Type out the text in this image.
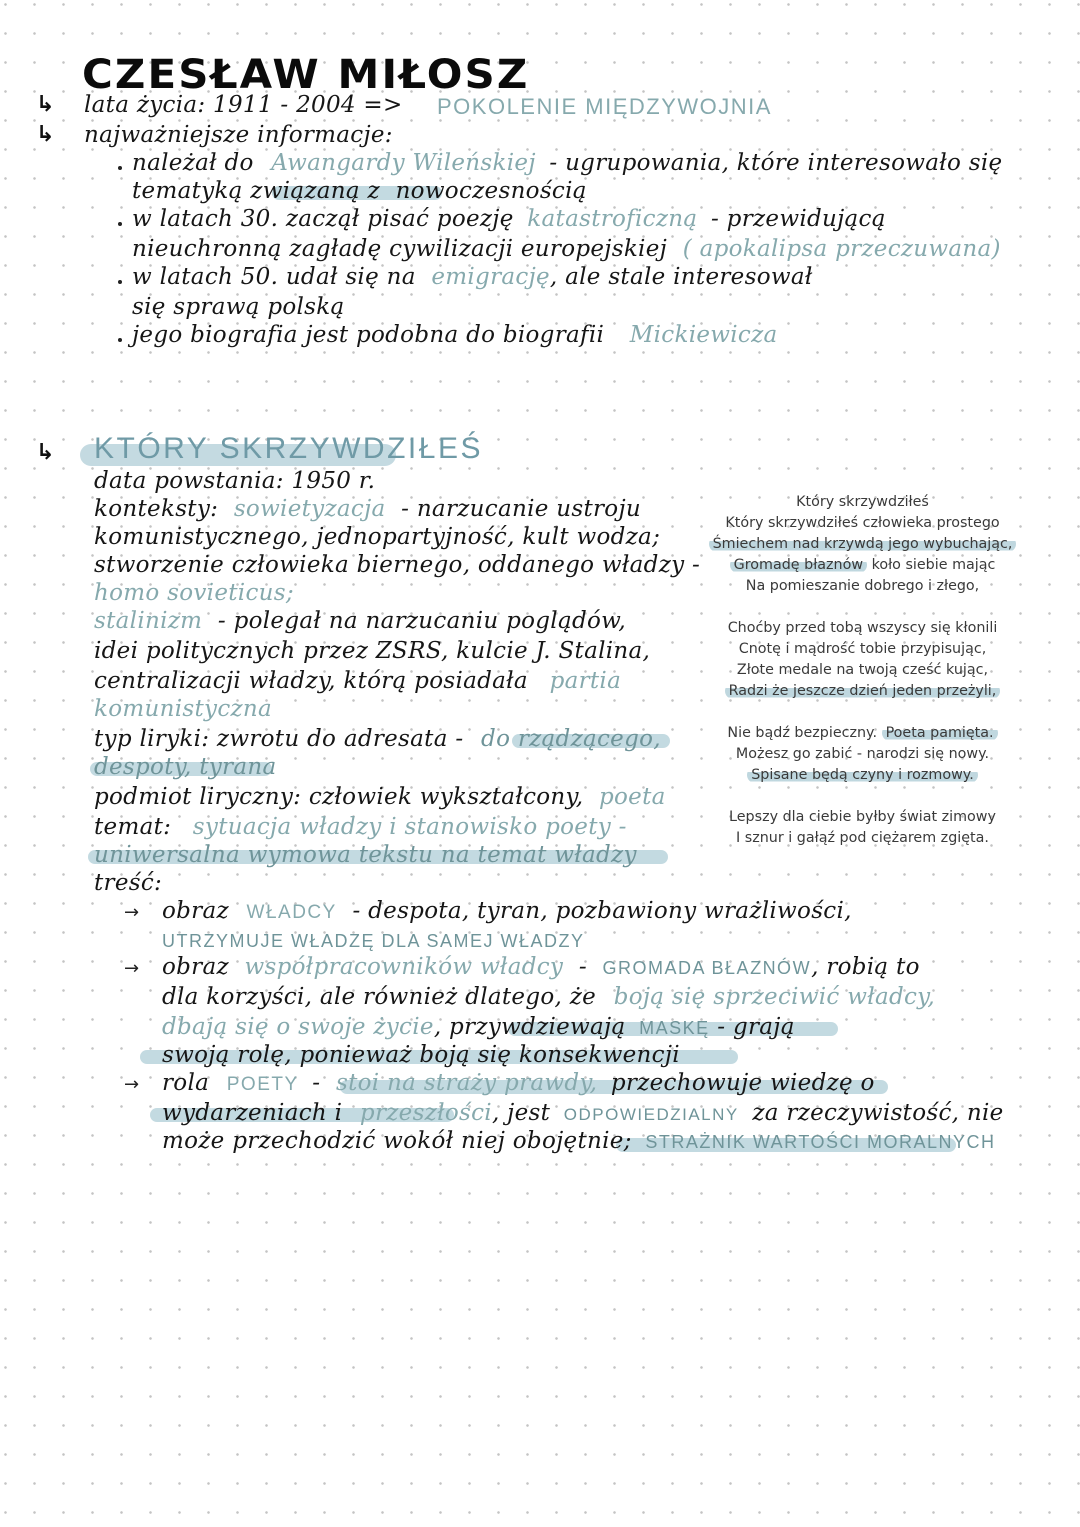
CZESŁAW MIŁOSZ
↳ lata życia: 1911 - 2004 => POKOLENIE MIĘDZYWOJNIA
↳ najważniejsze informacje:
należał do Awangardy Wileńskiej - ugrupowania, które interesowało się
tematyką związaną z nowoczesnością
w latach 30. zaczął pisać poezję katastroficzną - przewidującą
nieuchronną zagładę cywilizacji europejskiej ( apokalipsa przeczuwana)
w latach 50. udał się na emigrację, ale stale interesował
się sprawą polską
jego biografia jest podobna do biografii Mickiewicza
↳ KTÓRY SKRZYWDZIŁEŚ
data powstania: 1950 r.
konteksty: sowietyzacja - narzucanie ustroju
komunistycznego, jednopartyjność, kult wodza;
stworzenie człowieka biernego, oddanego władzy -
homo sovieticus;
stalinizm - polegał na narzucaniu poglądów,
idei politycznych przez ZSRS, kulcie J. Stalina,
centralizacji władzy, którą posiadała partia
komunistyczna
typ liryki: zwrotu do adresata - do rządzącego,
despoty, tyrana
podmiot liryczny: człowiek wykształcony, poeta
temat: sytuacja władzy i stanowisko poety -
uniwersalna wymowa tekstu na temat władzy
treść:
→ obraz WŁADCY - despota, tyran, pozbawiony wrażliwości,
UTRZYMUJE WŁADZĘ DLA SAMEJ WŁADZY
→ obraz współpracowników władcy - GROMADA BŁAZNÓW, robią to
dla korzyści, ale również dlatego, że boją się sprzeciwić władcy,
dbają się o swoje życie, przywdziewają MASKĘ - grają
swoją rolę, ponieważ boją się konsekwencji
→ rola POETY - stoi na straży prawdy, przechowuje wiedzę o
wydarzeniach i przeszłości, jest ODPOWIEDZIALNY za rzeczywistość, nie
może przechodzić wokół niej obojętnie; STRAŻNIK WARTOŚCI MORALNYCH
Który skrzywdziłeś
Który skrzywdziłeś człowieka prostego
Śmiechem nad krzywdą jego wybuchając,
Gromadę błaznów koło siebie mając
Na pomieszanie dobrego i złego,
Choćby przed tobą wszyscy się kłonili
Cnotę i mądrość tobie przypisując,
Złote medale na twoją cześć kując,
Radzi że jeszcze dzień jeden przeżyli,
Nie bądź bezpieczny. Poeta pamięta.
Możesz go zabić - narodzi się nowy.
Spisane będą czyny i rozmowy.
Lepszy dla ciebie byłby świat zimowy
I sznur i gałąź pod ciężarem zgięta.
